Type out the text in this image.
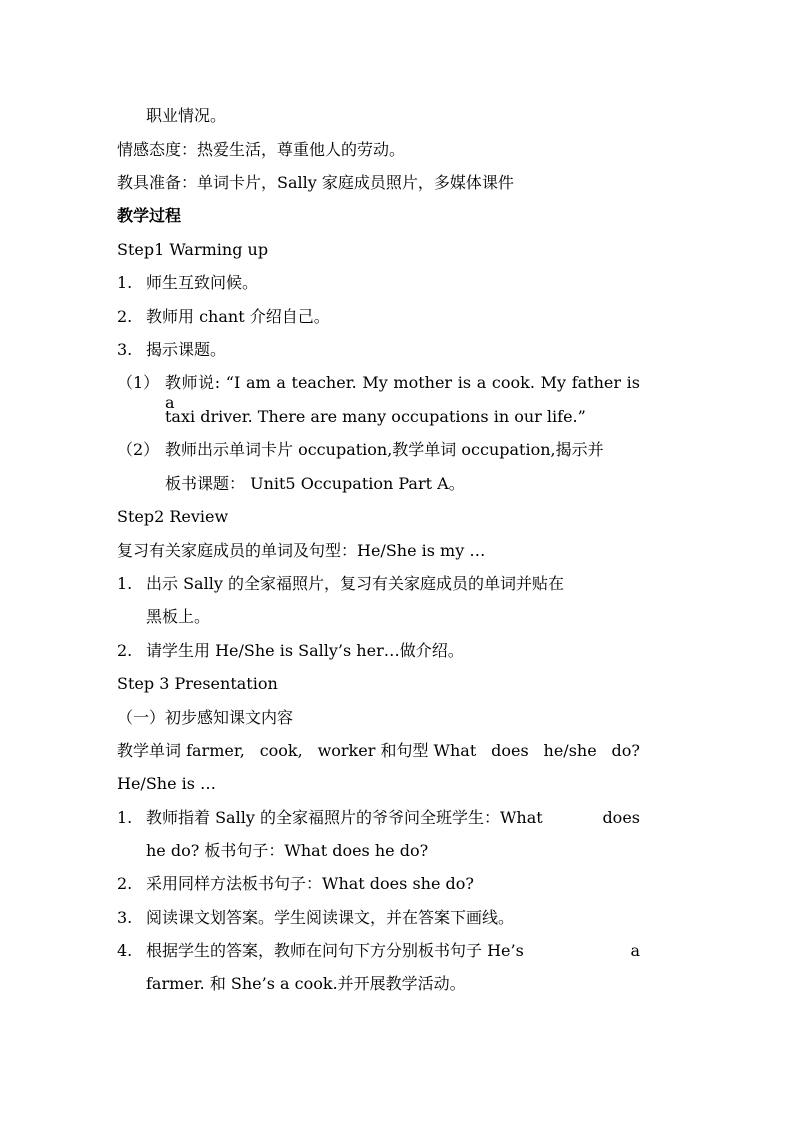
职业情况。
情感态度：热爱生活，尊重他人的劳动。
教具准备：单词卡片，Sally 家庭成员照片，多媒体课件
教学过程
Step1 Warming up
1. 师生互致问候。
2. 教师用 chant 介绍自己。
3. 揭示课题。
（1） 教师说: “I am a teacher. My mother is a cook. My father is a
taxi driver. There are many occupations in our life.”
（2） 教师出示单词卡片 occupation,教学单词 occupation,揭示并
板书课题： Unit5 Occupation Part A。
Step2 Review
复习有关家庭成员的单词及句型：He/She is my …
1. 出示 Sally 的全家福照片，复习有关家庭成员的单词并贴在
黑板上。
2. 请学生用 He/She is Sally’s her…做介绍。
Step 3 Presentation
（一）初步感知课文内容
教学单词 farmer, cook, worker 和句型 What does he/she do?
He/She is …
1. 教师指着 Sally 的全家福照片的爷爷问全班学生：What	does
he do? 板书句子：What does he do?
2. 采用同样方法板书句子：What does she do?
3. 阅读课文划答案。学生阅读课文，并在答案下画线。
4. 根据学生的答案，教师在问句下方分别板书句子 He’s	a
farmer. 和 She’s a cook.并开展教学活动。
